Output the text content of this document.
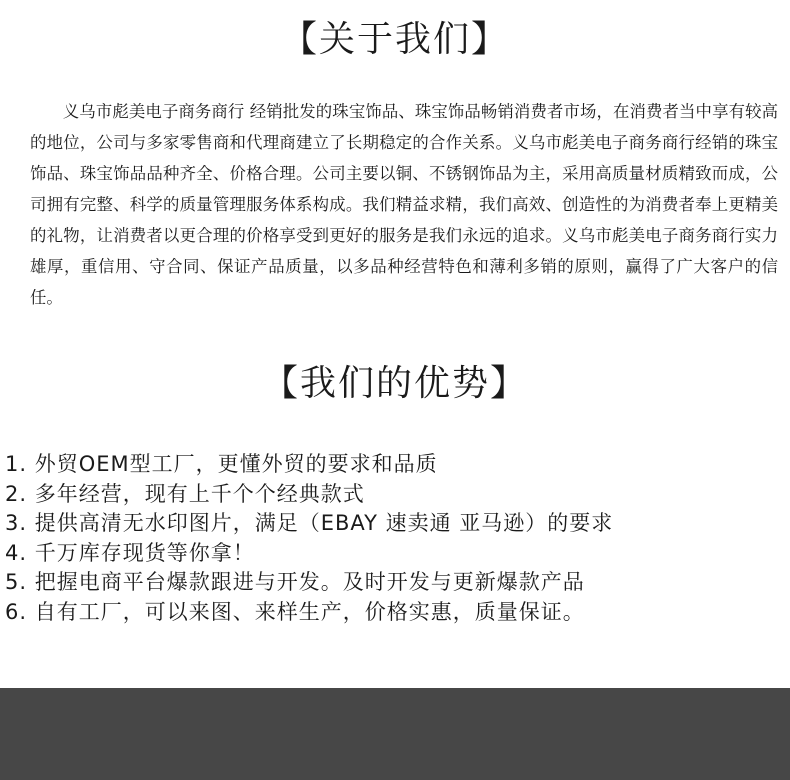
【关于我们】

义乌市彪美电子商务商行 经销批发的珠宝饰品、珠宝饰品畅销消费者市场，在消费者当中享有较高的地位，公司与多家零售商和代理商建立了长期稳定的合作关系。义乌市彪美电子商务商行经销的珠宝饰品、珠宝饰品品种齐全、价格合理。公司主要以铜、不锈钢饰品为主，采用高质量材质精致而成，公司拥有完整、科学的质量管理服务体系构成。我们精益求精，我们高效、创造性的为消费者奉上更精美的礼物，让消费者以更合理的价格享受到更好的服务是我们永远的追求。义乌市彪美电子商务商行实力雄厚，重信用、守合同、保证产品质量，以多品种经营特色和薄利多销的原则，赢得了广大客户的信任。

【我们的优势】
1. 外贸OEM型工厂，更懂外贸的要求和品质
2. 多年经营，现有上千个个经典款式
3. 提供高清无水印图片，满足（EBAY 速卖通 亚马逊）的要求
4. 千万库存现货等你拿！
5. 把握电商平台爆款跟进与开发。及时开发与更新爆款产品
6. 自有工厂，可以来图、来样生产，价格实惠，质量保证。
